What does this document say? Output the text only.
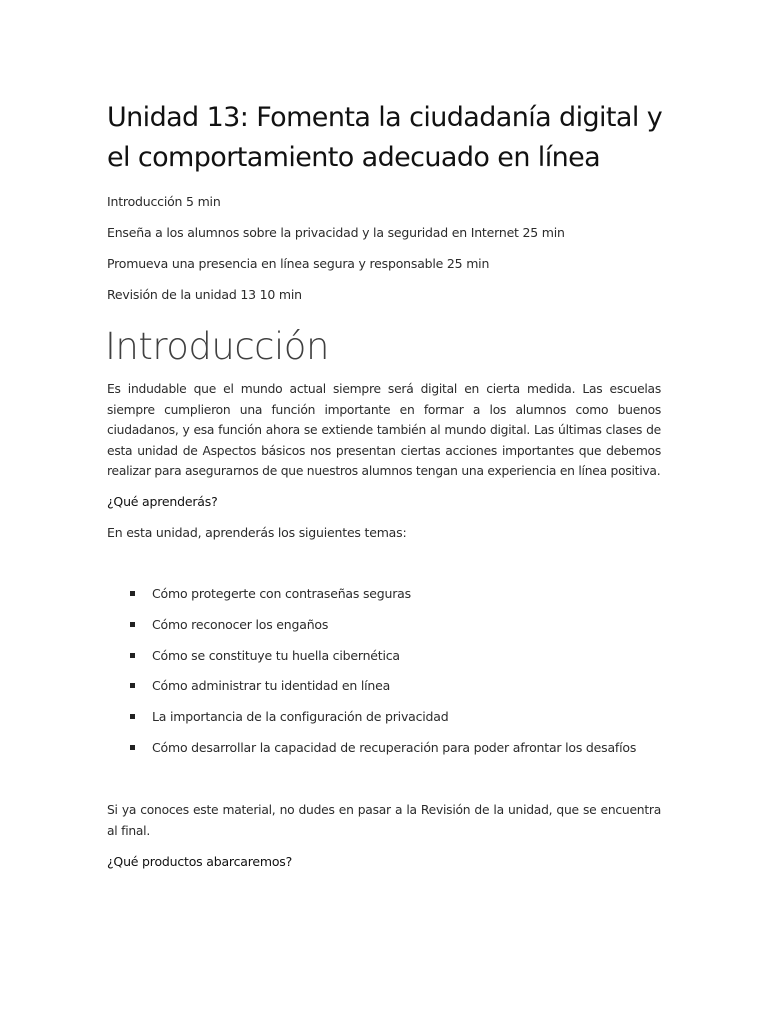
Unidad 13: Fomenta la ciudadanía digital y el comportamiento adecuado en línea

Introducción 5 min

Enseña a los alumnos sobre la privacidad y la seguridad en Internet 25 min

Promueva una presencia en línea segura y responsable 25 min

Revisión de la unidad 13 10 min

Introducción

Es indudable que el mundo actual siempre será digital en cierta medida. Las escuelas siempre cumplieron una función importante en formar a los alumnos como buenos ciudadanos, y esa función ahora se extiende también al mundo digital. Las últimas clases de esta unidad de Aspectos básicos nos presentan ciertas acciones importantes que debemos realizar para asegurarnos de que nuestros alumnos tengan una experiencia en línea positiva.

¿Qué aprenderás?

En esta unidad, aprenderás los siguientes temas:

Cómo protegerte con contraseñas seguras
Cómo reconocer los engaños
Cómo se constituye tu huella cibernética
Cómo administrar tu identidad en línea
La importancia de la configuración de privacidad
Cómo desarrollar la capacidad de recuperación para poder afrontar los desafíos

Si ya conoces este material, no dudes en pasar a la Revisión de la unidad, que se encuentra al final.

¿Qué productos abarcaremos?
